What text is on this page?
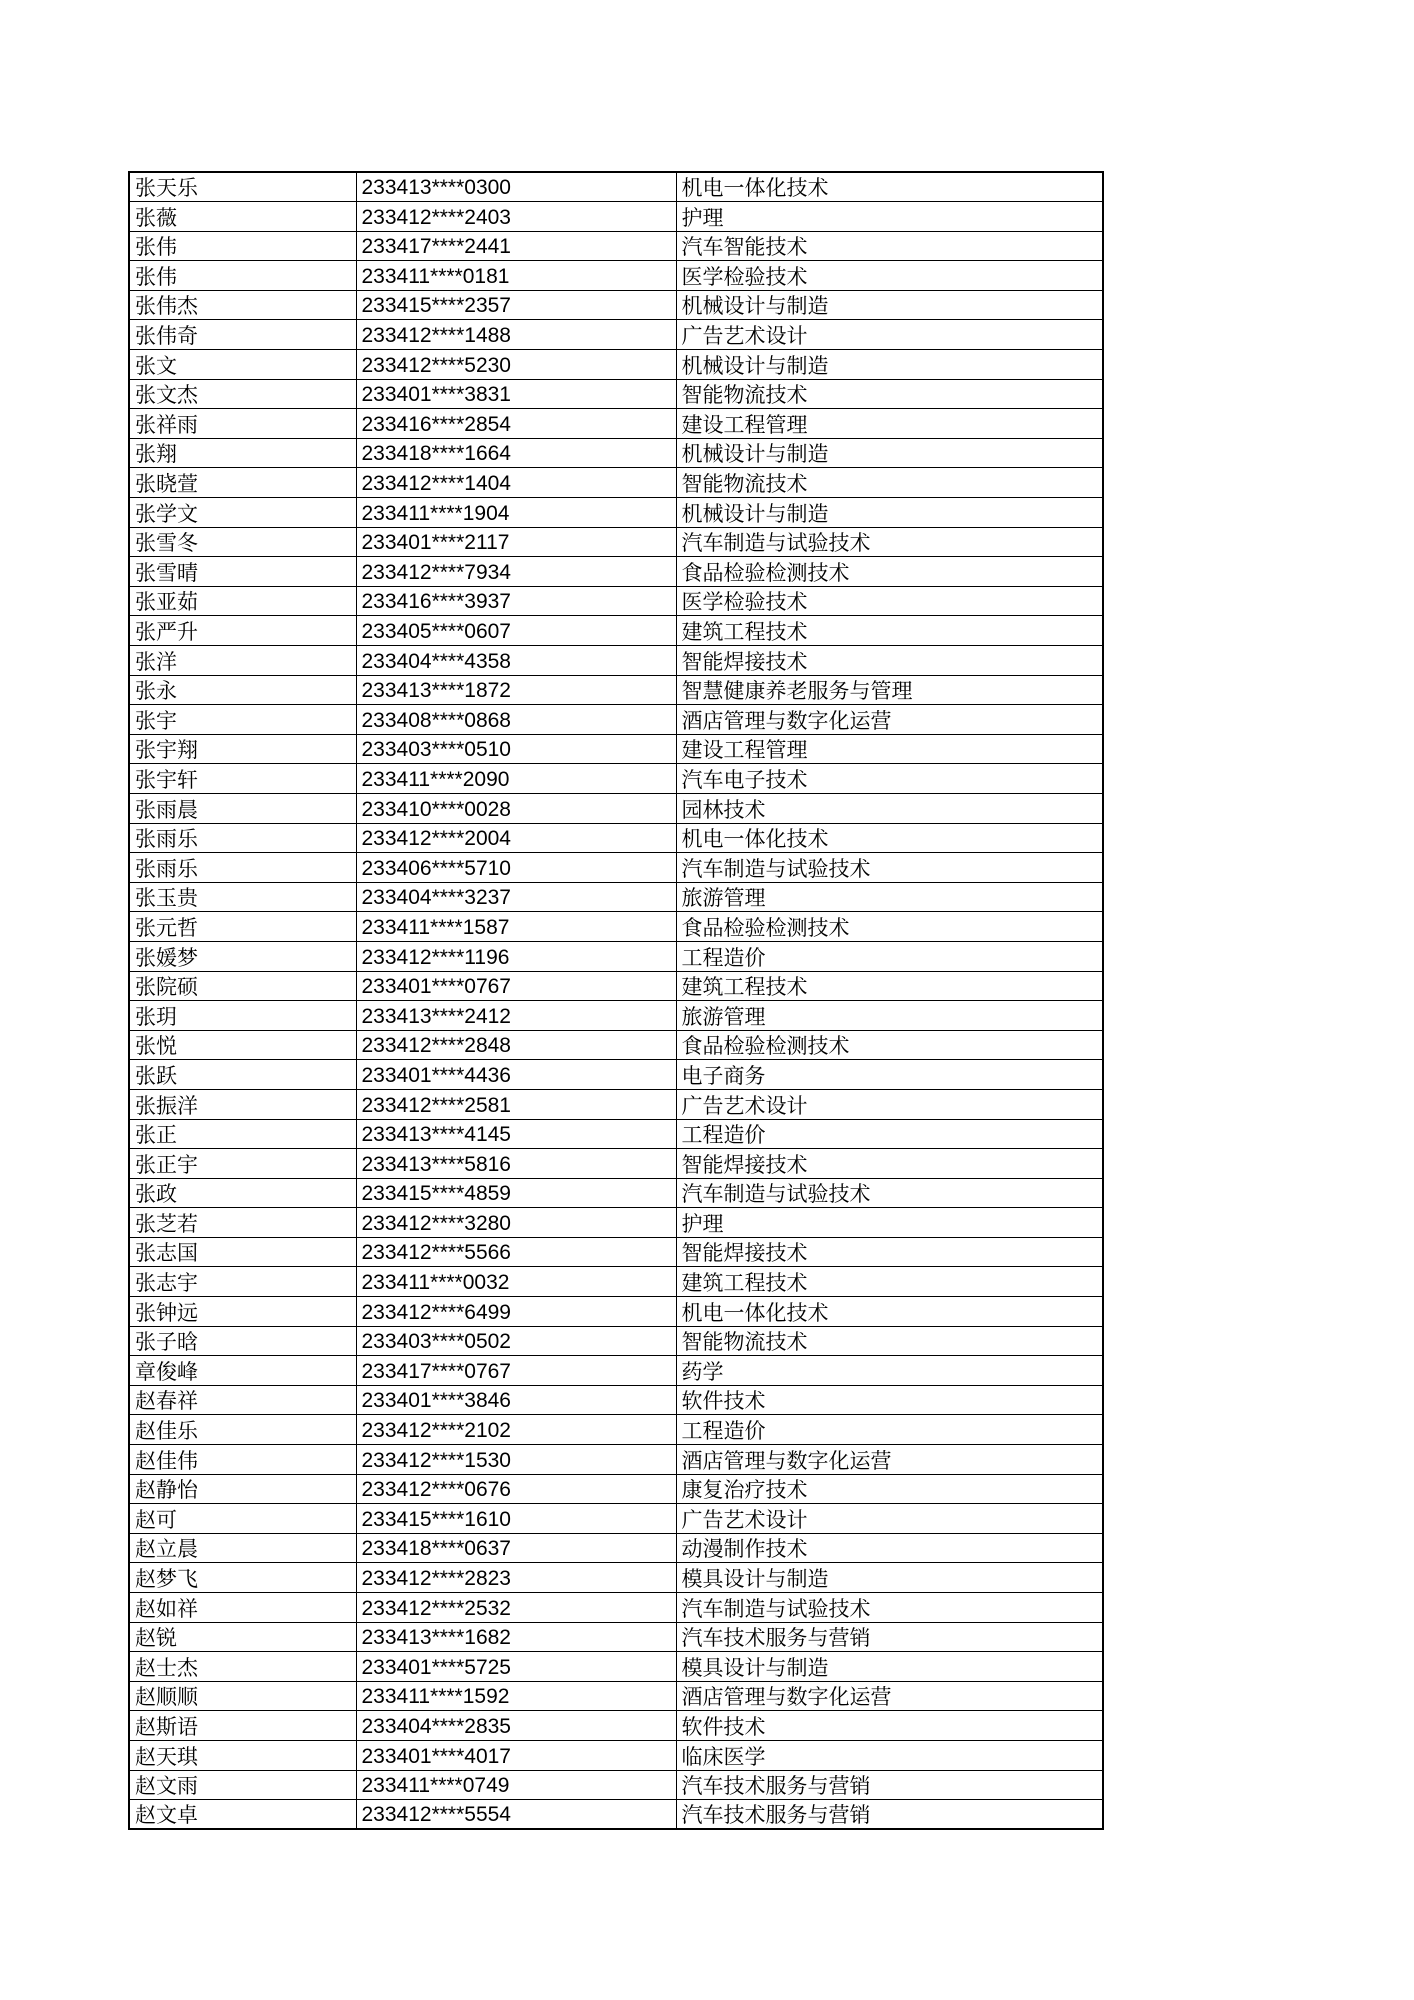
张天乐	233413****0300	机电一体化技术
张薇	233412****2403	护理
张伟	233417****2441	汽车智能技术
张伟	233411****0181	医学检验技术
张伟杰	233415****2357	机械设计与制造
张伟奇	233412****1488	广告艺术设计
张文	233412****5230	机械设计与制造
张文杰	233401****3831	智能物流技术
张祥雨	233416****2854	建设工程管理
张翔	233418****1664	机械设计与制造
张晓萱	233412****1404	智能物流技术
张学文	233411****1904	机械设计与制造
张雪冬	233401****2117	汽车制造与试验技术
张雪晴	233412****7934	食品检验检测技术
张亚茹	233416****3937	医学检验技术
张严升	233405****0607	建筑工程技术
张洋	233404****4358	智能焊接技术
张永	233413****1872	智慧健康养老服务与管理
张宇	233408****0868	酒店管理与数字化运营
张宇翔	233403****0510	建设工程管理
张宇轩	233411****2090	汽车电子技术
张雨晨	233410****0028	园林技术
张雨乐	233412****2004	机电一体化技术
张雨乐	233406****5710	汽车制造与试验技术
张玉贵	233404****3237	旅游管理
张元哲	233411****1587	食品检验检测技术
张媛梦	233412****1196	工程造价
张院硕	233401****0767	建筑工程技术
张玥	233413****2412	旅游管理
张悦	233412****2848	食品检验检测技术
张跃	233401****4436	电子商务
张振洋	233412****2581	广告艺术设计
张正	233413****4145	工程造价
张正宇	233413****5816	智能焊接技术
张政	233415****4859	汽车制造与试验技术
张芝若	233412****3280	护理
张志国	233412****5566	智能焊接技术
张志宇	233411****0032	建筑工程技术
张钟远	233412****6499	机电一体化技术
张子晗	233403****0502	智能物流技术
章俊峰	233417****0767	药学
赵春祥	233401****3846	软件技术
赵佳乐	233412****2102	工程造价
赵佳伟	233412****1530	酒店管理与数字化运营
赵静怡	233412****0676	康复治疗技术
赵可	233415****1610	广告艺术设计
赵立晨	233418****0637	动漫制作技术
赵梦飞	233412****2823	模具设计与制造
赵如祥	233412****2532	汽车制造与试验技术
赵锐	233413****1682	汽车技术服务与营销
赵士杰	233401****5725	模具设计与制造
赵顺顺	233411****1592	酒店管理与数字化运营
赵斯语	233404****2835	软件技术
赵天琪	233401****4017	临床医学
赵文雨	233411****0749	汽车技术服务与营销
赵文卓	233412****5554	汽车技术服务与营销
